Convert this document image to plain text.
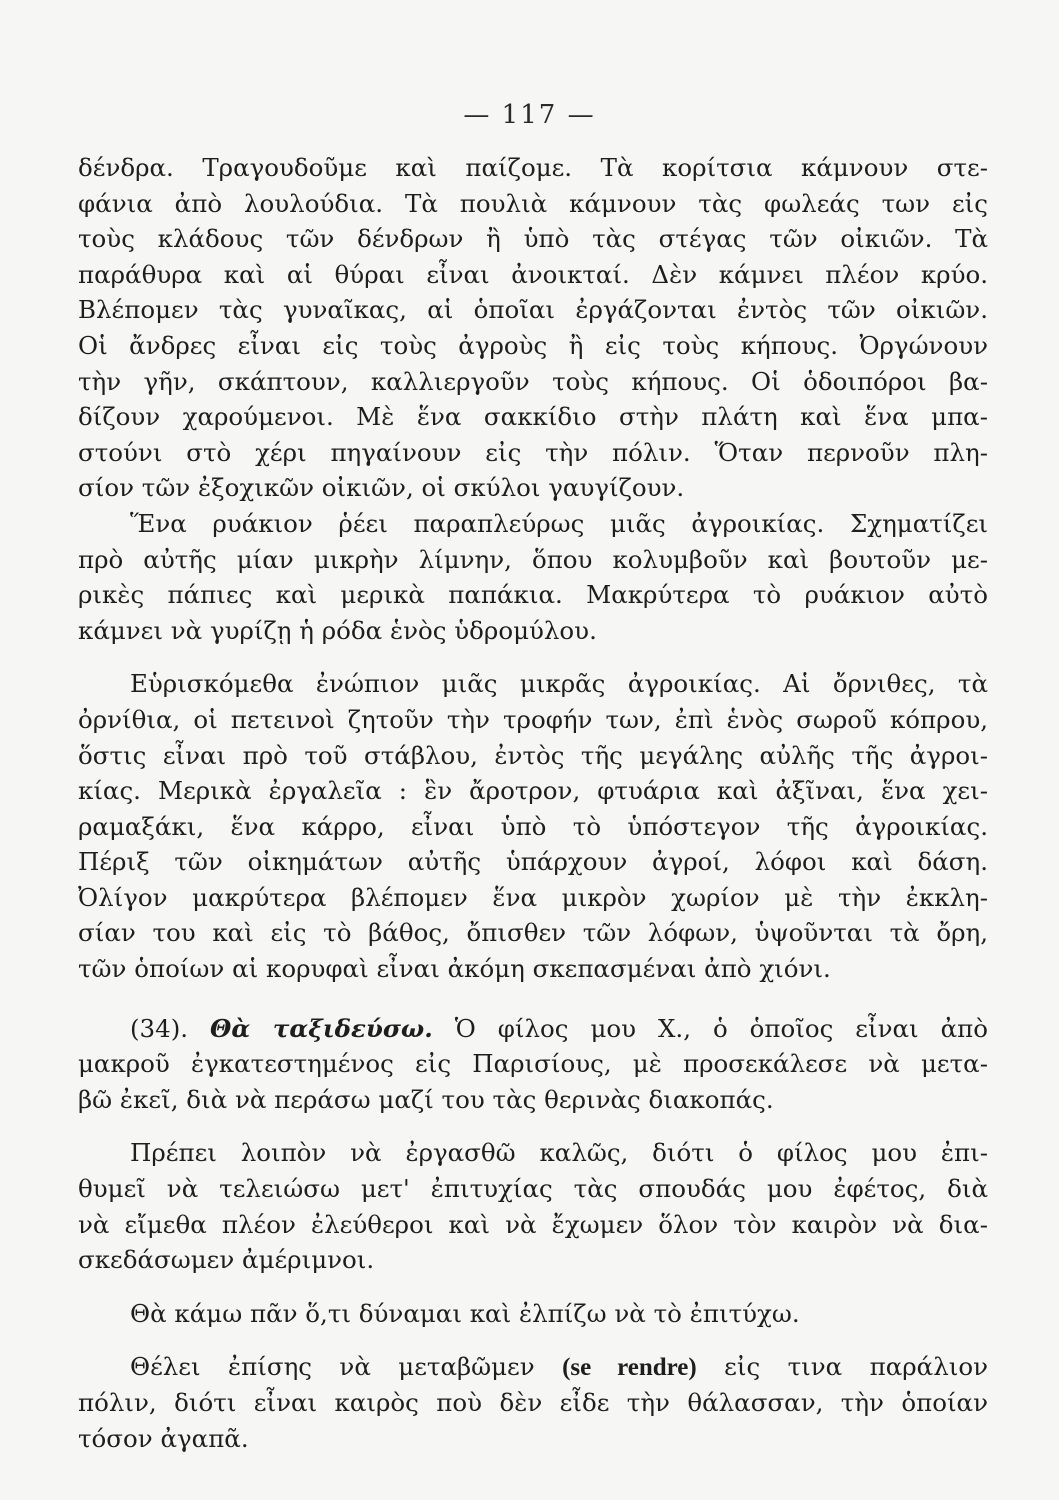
— 117 —
δένδρα. Τραγουδοῦμε καὶ παίζομε. Τὰ κορίτσια κάμνουν στε-
φάνια ἀπὸ λουλούδια. Τὰ πουλιὰ κάμνουν τὰς φωλεάς των εἰς
τοὺς κλάδους τῶν δένδρων ἢ ὑπὸ τὰς στέγας τῶν οἰκιῶν. Τὰ
παράθυρα καὶ αἱ θύραι εἶναι ἀνοικταί. Δὲν κάμνει πλέον κρύο.
Βλέπομεν τὰς γυναῖκας, αἱ ὁποῖαι ἐργάζονται ἐντὸς τῶν οἰκιῶν.
Οἱ ἄνδρες εἶναι εἰς τοὺς ἀγροὺς ἢ εἰς τοὺς κήπους. Ὀργώνουν
τὴν γῆν, σκάπτουν, καλλιεργοῦν τοὺς κήπους. Οἱ ὁδοιπόροι βα-
δίζουν χαρούμενοι. Μὲ ἕνα σακκίδιο στὴν πλάτη καὶ ἕνα μπα-
στούνι στὸ χέρι πηγαίνουν εἰς τὴν πόλιν. Ὅταν περνοῦν πλη-
σίον τῶν ἐξοχικῶν οἰκιῶν, οἱ σκύλοι γαυγίζουν.
Ἕνα ρυάκιον ῥέει παραπλεύρως μιᾶς ἀγροικίας. Σχηματίζει
πρὸ αὐτῆς μίαν μικρὴν λίμνην, ὅπου κολυμβοῦν καὶ βουτοῦν με-
ρικὲς πάπιες καὶ μερικὰ παπάκια. Μακρύτερα τὸ ρυάκιον αὐτὸ
κάμνει νὰ γυρίζῃ ἡ ρόδα ἑνὸς ὑδρομύλου.
Εὑρισκόμεθα ἐνώπιον μιᾶς μικρᾶς ἀγροικίας. Αἱ ὄρνιθες, τὰ
ὀρνίθια, οἱ πετεινοὶ ζητοῦν τὴν τροφήν των, ἐπὶ ἑνὸς σωροῦ κόπρου,
ὅστις εἶναι πρὸ τοῦ στάβλου, ἐντὸς τῆς μεγάλης αὐλῆς τῆς ἀγροι-
κίας. Μερικὰ ἐργαλεῖα : ἓν ἄροτρον, φτυάρια καὶ ἀξῖναι, ἕνα χει-
ραμαξάκι, ἕνα κάρρο, εἶναι ὑπὸ τὸ ὑπόστεγον τῆς ἀγροικίας.
Πέριξ τῶν οἰκημάτων αὐτῆς ὑπάρχουν ἀγροί, λόφοι καὶ δάση.
Ὀλίγον μακρύτερα βλέπομεν ἕνα μικρὸν χωρίον μὲ τὴν ἐκκλη-
σίαν του καὶ εἰς τὸ βάθος, ὄπισθεν τῶν λόφων, ὑψοῦνται τὰ ὄρη,
τῶν ὁποίων αἱ κορυφαὶ εἶναι ἀκόμη σκεπασμέναι ἀπὸ χιόνι.
(34). Θὰ ταξιδεύσω. Ὁ φίλος μου Χ., ὁ ὁποῖος εἶναι ἀπὸ
μακροῦ ἐγκατεστημένος εἰς Παρισίους, μὲ προσεκάλεσε νὰ μετα-
βῶ ἐκεῖ, διὰ νὰ περάσω μαζί του τὰς θερινὰς διακοπάς.
Πρέπει λοιπὸν νὰ ἐργασθῶ καλῶς, διότι ὁ φίλος μου ἐπι-
θυμεῖ νὰ τελειώσω μετ' ἐπιτυχίας τὰς σπουδάς μου ἐφέτος, διὰ
νὰ εἴμεθα πλέον ἐλεύθεροι καὶ νὰ ἔχωμεν ὅλον τὸν καιρὸν νὰ δια-
σκεδάσωμεν ἀμέριμνοι.
Θὰ κάμω πᾶν ὅ,τι δύναμαι καὶ ἐλπίζω νὰ τὸ ἐπιτύχω.
Θέλει ἐπίσης νὰ μεταβῶμεν (se rendre) εἰς τινα παράλιον
πόλιν, διότι εἶναι καιρὸς ποὺ δὲν εἶδε τὴν θάλασσαν, τὴν ὁποίαν
τόσον ἀγαπᾶ.
